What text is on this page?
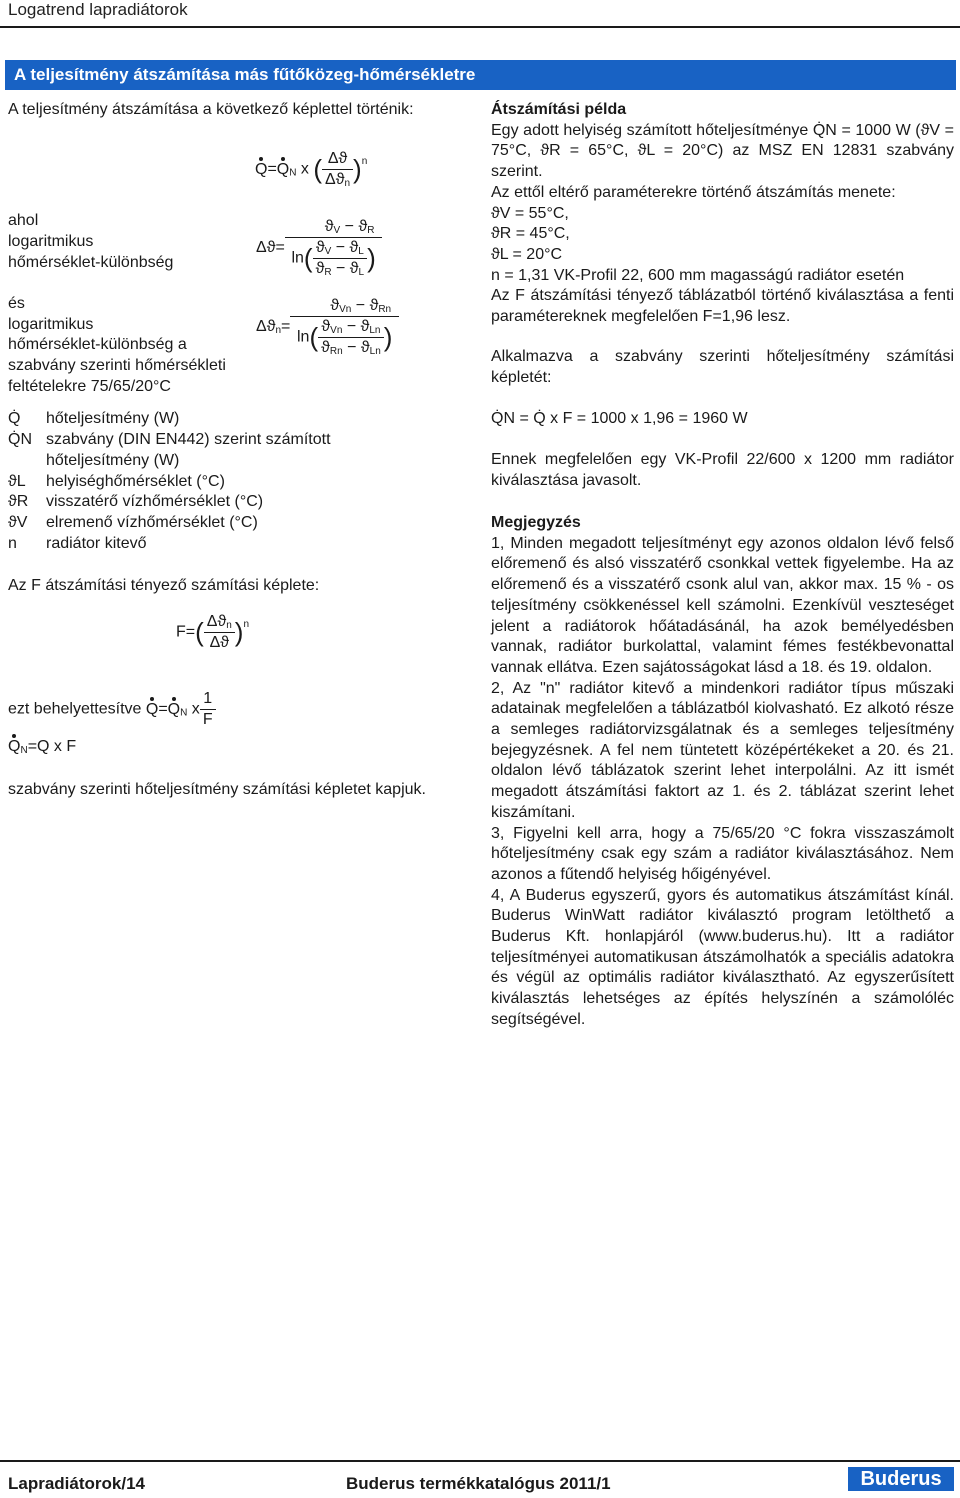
Logatrend lapradiátorok
A teljesítmény átszámítása más fűtőközeg-hőmérsékletre
A teljesítmény átszámítása a következő képlettel történik:
$Q=Q_N$ x ( $\frac{\Delta ϑ}{\Delta ϑ_n} )^n$
ahol
logaritmikus
hőmérséklet-különbség
$\Delta ϑ= \frac{ϑ_V - ϑ_R}{\ln( \frac{ϑ_V - ϑ_L}{ϑ_R - ϑ_L} )}$
és
logaritmikus
hőmérséklet-különbség a
szabvány szerinti hőmérsékleti
feltételekre 75/65/20°C
$\Delta ϑ_n= \frac{ϑ_{Vn} - ϑ_{Rn}}{\ln( \frac{ϑ_{Vn} - ϑ_{Ln}}{ϑ_{Rn} - ϑ_{Ln}} )}$
Q̇ hőteljesítmény (W)
Q̇N szabvány (DIN EN442) szerint számított
hőteljesítmény (W)
ϑL helyiséghőmérséklet (°C)
ϑR visszatérő vízhőmérséklet (°C)
ϑV elremenő vízhőmérséklet (°C)
n radiátor kitevő
Az F átszámítási tényező számítási képlete:
$F=( \frac{\Delta ϑ_n}{\Delta ϑ} )^n$
ezt behelyettesítve $Q=Q_N$ x $\frac{1}{F}$
$Q_N=Q$ x F
szabvány szerinti hőteljesítmény számítási képletet kapjuk.

Átszámítási példa

Egy adott helyiség számított hőteljesítménye Q̇N = 1000 W (ϑV = 75°C, ϑR = 65°C, ϑL = 20°C) az MSZ EN 12831 szabvány szerint.

Az ettől eltérő paraméterekre történő átszámítás menete:

ϑV = 55°C,

ϑR = 45°C,

ϑL = 20°C

n = 1,31 VK-Profil 22, 600 mm magasságú radiátor esetén

Az F átszámítási tényező táblázatból történő kiválasztása a fenti paramétereknek megfelelően F=1,96 lesz.

Alkalmazva a szabvány szerinti hőteljesítmény számítási képletét:

Q̇N = Q̇ x F = 1000 x 1,96 = 1960 W

Ennek megfelelően egy VK-Profil 22/600 x 1200 mm radiátor kiválasztása javasolt.

Megjegyzés

1, Minden megadott teljesítményt egy azonos oldalon lévő felső előremenő és alsó visszatérő csonkkal vettek figyelembe. Ha az előremenő és a visszatérő csonk alul van, akkor max. 15 % - os teljesítmény csökkenéssel kell számolni. Ezenkívül veszteséget jelent a radiátorok hőátadásánál, ha azok bemélyedésben vannak, radiátor burkolattal, valamint fémes festékbevonattal vannak ellátva. Ezen sajátosságokat lásd a 18. és 19. oldalon.

2, Az "n" radiátor kitevő a mindenkori radiátor típus műszaki adatainak megfelelően a táblázatból kiolvasható. Ez alkotó része a semleges radiátorvizsgálatnak és a semleges teljesítmény bejegyzésnek. A fel nem tüntetett középértékeket a 20. és 21. oldalon lévő táblázatok szerint lehet interpolálni. Az itt ismét megadott átszámítási faktort az 1. és 2. táblázat szerint lehet kiszámítani.

3, Figyelni kell arra, hogy a 75/65/20 °C fokra visszaszámolt hőteljesítmény csak egy szám a radiátor kiválasztásához. Nem azonos a fűtendő helyiség hőigényével.

4, A Buderus egyszerű, gyors és automatikus átszámítást kínál. Buderus WinWatt radiátor kiválasztó program letölthető a Buderus Kft. honlapjáról (www.buderus.hu). Itt a radiátor teljesítményei automatikusan átszámolhatók a speciális adatokra és végül az optimális radiátor kiválasztható. Az egyszerűsített kiválasztás lehetséges az építés helyszínén a számolóléc segítségével.

Lapradiátorok/14	Buderus termékkatalógus 2011/1	Buderus
